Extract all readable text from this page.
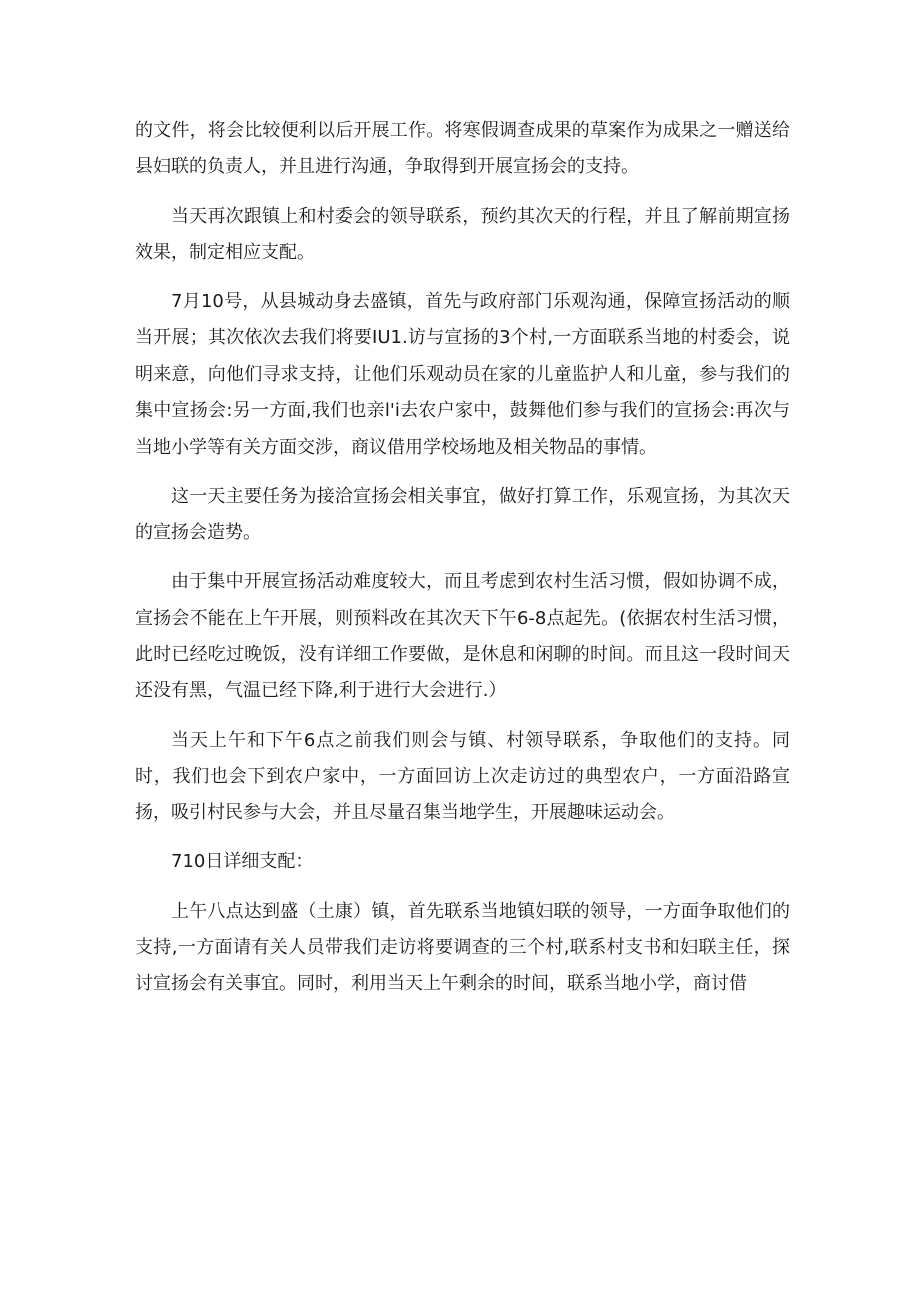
的文件，将会比较便利以后开展工作。将寒假调查成果的草案作为成果之一赠送给县妇联的负责人，并且进行沟通，争取得到开展宣扬会的支持。

当天再次跟镇上和村委会的领导联系，预约其次天的行程，并且了解前期宣扬效果，制定相应支配。

7月10号，从县城动身去盛镇，首先与政府部门乐观沟通，保障宣扬活动的顺当开展；其次依次去我们将要IU1.访与宣扬的3个村,一方面联系当地的村委会，说明来意，向他们寻求支持，让他们乐观动员在家的儿童监护人和儿童，参与我们的集中宣扬会:另一方面,我们也亲l'i去农户家中，鼓舞他们参与我们的宣扬会:再次与当地小学等有关方面交涉，商议借用学校场地及相关物品的事情。

这一天主要任务为接洽宣扬会相关事宜，做好打算工作，乐观宣扬，为其次天的宣扬会造势。

由于集中开展宣扬活动难度较大，而且考虑到农村生活习惯，假如协调不成，宣扬会不能在上午开展，则预料改在其次天下午6-8点起先。(依据农村生活习惯，此时已经吃过晚饭，没有详细工作要做，是休息和闲聊的时间。而且这一段时间天还没有黑，气温已经下降,利于进行大会进行.）

当天上午和下午6点之前我们则会与镇、村领导联系，争取他们的支持。同时，我们也会下到农户家中，一方面回访上次走访过的典型农户，一方面沿路宣扬，吸引村民参与大会，并且尽量召集当地学生，开展趣味运动会。

710日详细支配：

上午八点达到盛（土康）镇，首先联系当地镇妇联的领导，一方面争取他们的支持,一方面请有关人员带我们走访将要调查的三个村,联系村支书和妇联主任，探讨宣扬会有关事宜。同时，利用当天上午剩余的时间，联系当地小学，商讨借
